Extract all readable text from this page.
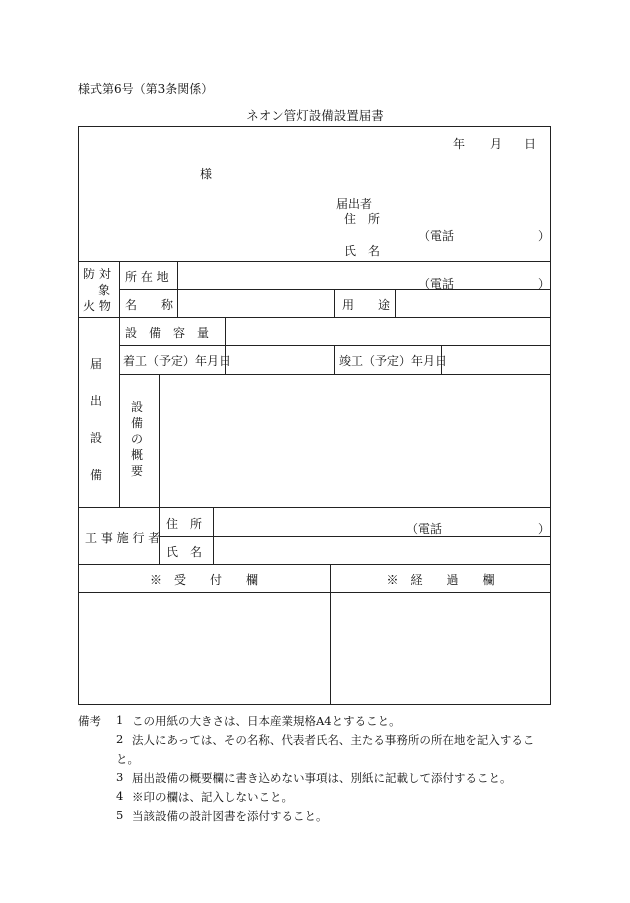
様式第6号（第3条関係）
ネオン管灯設備設置届書
年 月 日
様
届出者
住　所
（電話	）
氏　名
防 対
象
火 物
所 在 地	（電話	）
名　　称	用　　途
届
出
設
備
設　備　容　量
着工（予定）年月日	竣工（予定）年月日
設
備
の
概
要
工 事 施 行 者
住　所	（電話	）
氏　名
※　受　　付　　欄	※　経　　過　　欄
備考 1 この用紙の大きさは、日本産業規格A4とすること。
2 法人にあっては、その名称、代表者氏名、主たる事務所の所在地を記入するこ
と。
3 届出設備の概要欄に書き込めない事項は、別紙に記載して添付すること。
4 ※印の欄は、記入しないこと。
5 当該設備の設計図書を添付すること。
